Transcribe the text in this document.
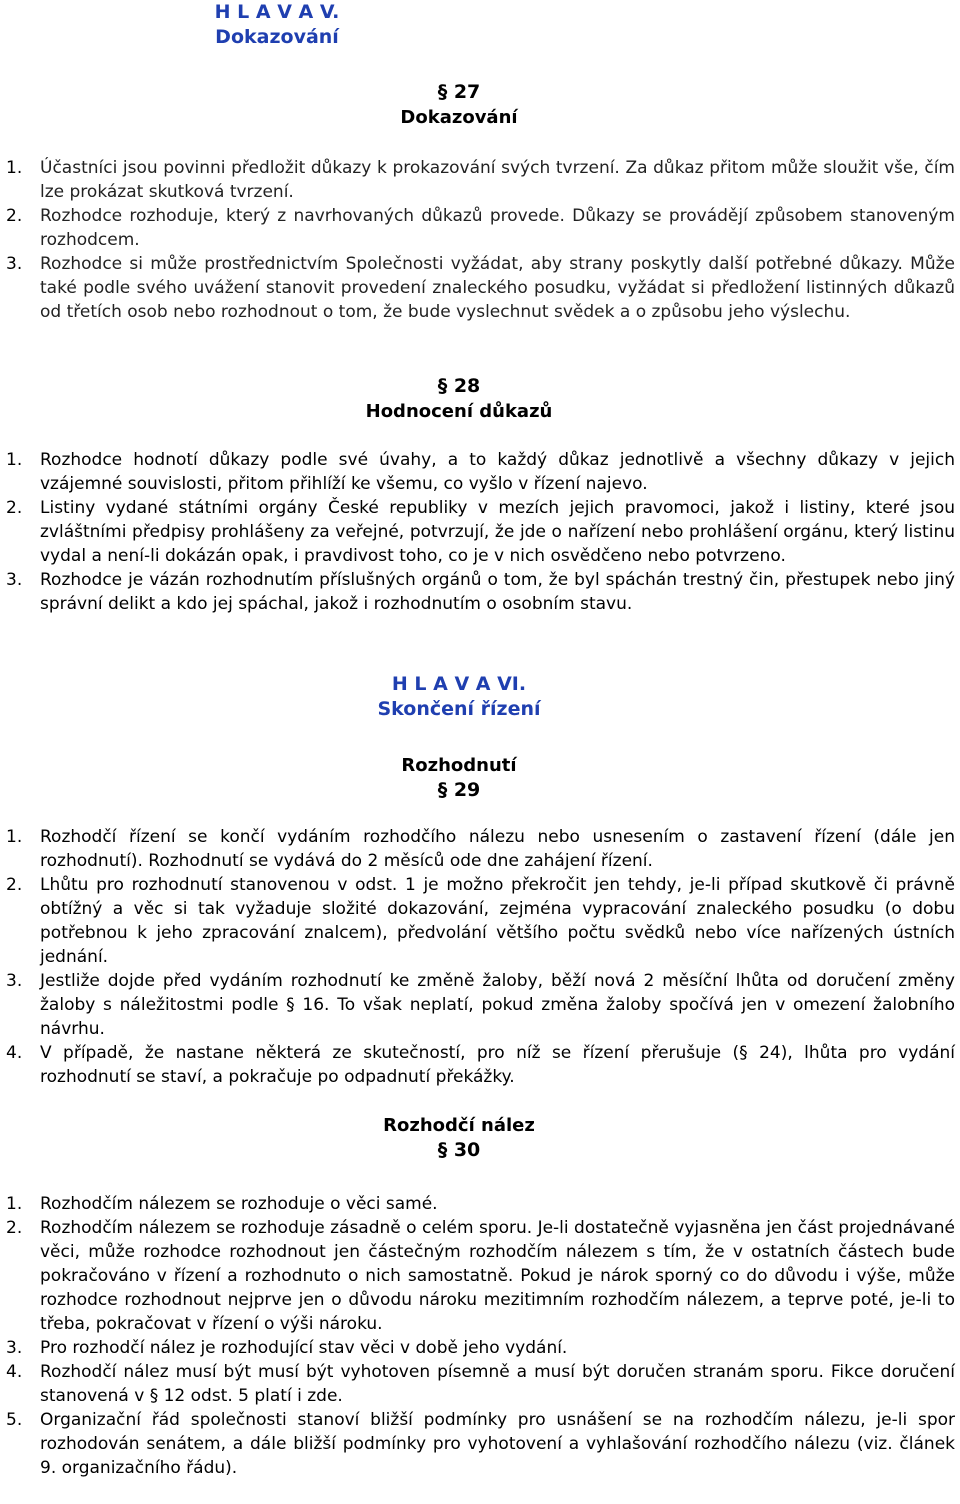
H L A V A V.
Dokazování
§ 27
Dokazování
1. Účastníci jsou povinni předložit důkazy k prokazování svých tvrzení. Za důkaz přitom může sloužit vše, čím lze prokázat skutková tvrzení.
2. Rozhodce rozhoduje, který z navrhovaných důkazů provede. Důkazy se provádějí způsobem stanoveným rozhodcem.
3. Rozhodce si může prostřednictvím Společnosti vyžádat, aby strany poskytly další potřebné důkazy. Může také podle svého uvážení stanovit provedení znaleckého posudku, vyžádat si předložení listinných důkazů od třetích osob nebo rozhodnout o tom, že bude vyslechnut svědek a o způsobu jeho výslechu.
§ 28
Hodnocení důkazů
1. Rozhodce hodnotí důkazy podle své úvahy, a to každý důkaz jednotlivě a všechny důkazy v jejich vzájemné souvislosti, přitom přihlíží ke všemu, co vyšlo v řízení najevo.
2. Listiny vydané státními orgány České republiky v mezích jejich pravomoci, jakož i listiny, které jsou zvláštními předpisy prohlášeny za veřejné, potvrzují, že jde o nařízení nebo prohlášení orgánu, který listinu vydal a není-li dokázán opak, i pravdivost toho, co je v nich osvědčeno nebo potvrzeno.
3. Rozhodce je vázán rozhodnutím příslušných orgánů o tom, že byl spáchán trestný čin, přestupek nebo jiný správní delikt a kdo jej spáchal, jakož i rozhodnutím o osobním stavu.
H L A V A VI.
Skončení řízení
Rozhodnutí
§ 29
1. Rozhodčí řízení se končí vydáním rozhodčího nálezu nebo usnesením o zastavení řízení (dále jen rozhodnutí). Rozhodnutí se vydává do 2 měsíců ode dne zahájení řízení.
2. Lhůtu pro rozhodnutí stanovenou v odst. 1 je možno překročit jen tehdy, je-li případ skutkově či právně obtížný a věc si tak vyžaduje složité dokazování, zejména vypracování znaleckého posudku (o dobu potřebnou k jeho zpracování znalcem), předvolání většího počtu svědků nebo více nařízených ústních jednání.
3. Jestliže dojde před vydáním rozhodnutí ke změně žaloby, běží nová 2 měsíční lhůta od doručení změny žaloby s náležitostmi podle § 16. To však neplatí, pokud změna žaloby spočívá jen v omezení žalobního návrhu.
4. V případě, že nastane některá ze skutečností, pro níž se řízení přerušuje (§ 24), lhůta pro vydání rozhodnutí se staví, a pokračuje po odpadnutí překážky.
Rozhodčí nález
§ 30
1. Rozhodčím nálezem se rozhoduje o věci samé.
2. Rozhodčím nálezem se rozhoduje zásadně o celém sporu. Je-li dostatečně vyjasněna jen část projednávané věci, může rozhodce rozhodnout jen částečným rozhodčím nálezem s tím, že v ostatních částech bude pokračováno v řízení a rozhodnuto o nich samostatně. Pokud je nárok sporný co do důvodu i výše, může rozhodce rozhodnout nejprve jen o důvodu nároku mezitimním rozhodčím nálezem, a teprve poté, je-li to třeba, pokračovat v řízení o výši nároku.
3. Pro rozhodčí nález je rozhodující stav věci v době jeho vydání.
4. Rozhodčí nález musí být musí být vyhotoven písemně a musí být doručen stranám sporu. Fikce doručení stanovená v § 12 odst. 5 platí i zde.
5. Organizační řád společnosti stanoví bližší podmínky pro usnášení se na rozhodčím nálezu, je-li spor rozhodován senátem, a dále bližší podmínky pro vyhotovení a vyhlašování rozhodčího nálezu (viz. článek 9. organizačního řádu).
